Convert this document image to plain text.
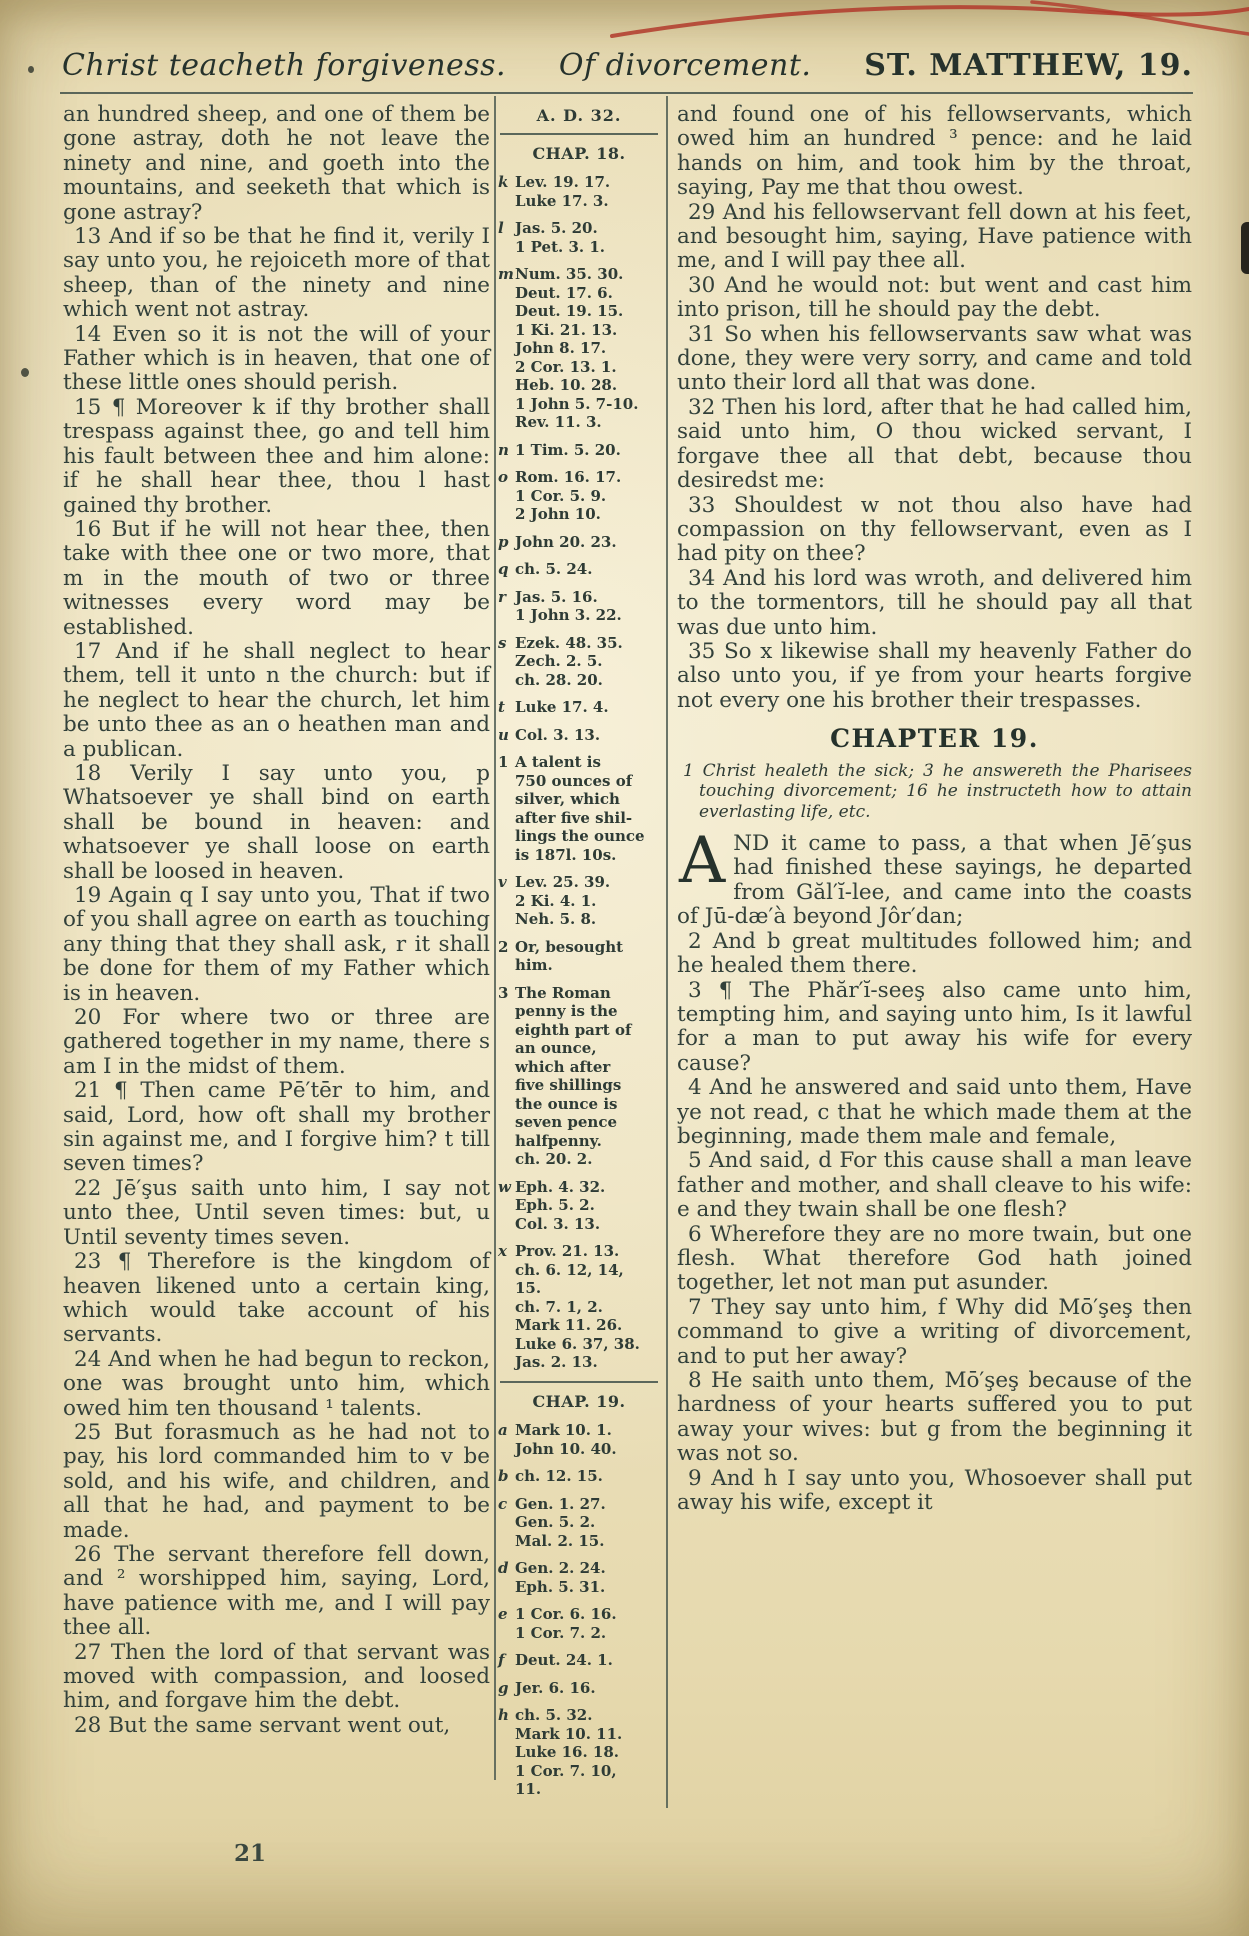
Christ teacheth forgiveness. Of divorcement. ST. MATTHEW, 19.

an hundred sheep, and one of them be gone astray, doth he not leave the ninety and nine, and goeth into the mountains, and seeketh that which is gone astray?

13 And if so be that he find it, verily I say unto you, he rejoiceth more of that sheep, than of the ninety and nine which went not astray.

14 Even so it is not the will of your Father which is in heaven, that one of these little ones should perish.

15 ¶ Moreover k if thy brother shall trespass against thee, go and tell him his fault between thee and him alone: if he shall hear thee, thou l hast gained thy brother.

16 But if he will not hear thee, then take with thee one or two more, that m in the mouth of two or three witnesses every word may be established.

17 And if he shall neglect to hear them, tell it unto n the church: but if he neglect to hear the church, let him be unto thee as an o heathen man and a publican.

18 Verily I say unto you, p Whatsoever ye shall bind on earth shall be bound in heaven: and whatsoever ye shall loose on earth shall be loosed in heaven.

19 Again q I say unto you, That if two of you shall agree on earth as touching any thing that they shall ask, r it shall be done for them of my Father which is in heaven.

20 For where two or three are gathered together in my name, there s am I in the midst of them.

21 ¶ Then came Pē′tēr to him, and said, Lord, how oft shall my brother sin against me, and I forgive him? t till seven times?

22 Jē′şus saith unto him, I say not unto thee, Until seven times: but, u Until seventy times seven.

23 ¶ Therefore is the kingdom of heaven likened unto a certain king, which would take account of his servants.

24 And when he had begun to reckon, one was brought unto him, which owed him ten thousand ¹ talents.

25 But forasmuch as he had not to pay, his lord commanded him to v be sold, and his wife, and children, and all that he had, and payment to be made.

26 The servant therefore fell down, and ² worshipped him, saying, Lord, have patience with me, and I will pay thee all.

27 Then the lord of that servant was moved with compassion, and loosed him, and forgave him the debt.

28 But the same servant went out,

A. D. 32.
CHAP. 18.
k Lev. 19. 17.
Luke 17. 3.
l Jas. 5. 20.
1 Pet. 3. 1.
m Num. 35. 30.
Deut. 17. 6.
Deut. 19. 15.
1 Ki. 21. 13.
John 8. 17.
2 Cor. 13. 1.
Heb. 10. 28.
1 John 5. 7-10.
Rev. 11. 3.
n 1 Tim. 5. 20.
o Rom. 16. 17.
1 Cor. 5. 9.
2 John 10.
p John 20. 23.
q ch. 5. 24.
r Jas. 5. 16.
1 John 3. 22.
s Ezek. 48. 35.
Zech. 2. 5.
ch. 28. 20.
t Luke 17. 4.
u Col. 3. 13.
1 A talent is
750 ounces of
silver, which
after five shil-
lings the ounce
is 187l. 10s.
v Lev. 25. 39.
2 Ki. 4. 1.
Neh. 5. 8.
2 Or, besought
him.
3 The Roman
penny is the
eighth part of
an ounce,
which after
five shillings
the ounce is
seven pence
halfpenny.
ch. 20. 2.
w Eph. 4. 32.
Eph. 5. 2.
Col. 3. 13.
x Prov. 21. 13.
ch. 6. 12, 14,
15.
ch. 7. 1, 2.
Mark 11. 26.
Luke 6. 37, 38.
Jas. 2. 13.
CHAP. 19.
a Mark 10. 1.
John 10. 40.
b ch. 12. 15.
c Gen. 1. 27.
Gen. 5. 2.
Mal. 2. 15.
d Gen. 2. 24.
Eph. 5. 31.
e 1 Cor. 6. 16.
1 Cor. 7. 2.
f Deut. 24. 1.
g Jer. 6. 16.
h ch. 5. 32.
Mark 10. 11.
Luke 16. 18.
1 Cor. 7. 10,
11.

and found one of his fellowservants, which owed him an hundred ³ pence: and he laid hands on him, and took him by the throat, saying, Pay me that thou owest.

29 And his fellowservant fell down at his feet, and besought him, saying, Have patience with me, and I will pay thee all.

30 And he would not: but went and cast him into prison, till he should pay the debt.

31 So when his fellowservants saw what was done, they were very sorry, and came and told unto their lord all that was done.

32 Then his lord, after that he had called him, said unto him, O thou wicked servant, I forgave thee all that debt, because thou desiredst me:

33 Shouldest w not thou also have had compassion on thy fellowservant, even as I had pity on thee?

34 And his lord was wroth, and delivered him to the tormentors, till he should pay all that was due unto him.

35 So x likewise shall my heavenly Father do also unto you, if ye from your hearts forgive not every one his brother their trespasses.

CHAPTER 19.

1 Christ healeth the sick; 3 he answereth the Pharisees touching divorcement; 16 he instructeth how to attain everlasting life, etc.

AND it came to pass, a that when Jē′şus had finished these sayings, he departed from Găl′ĭ-lee, and came into the coasts of Jū-dæ′à beyond Jôr′dan;

2 And b great multitudes followed him; and he healed them there.

3 ¶ The Phăr′ĭ-seeş also came unto him, tempting him, and saying unto him, Is it lawful for a man to put away his wife for every cause?

4 And he answered and said unto them, Have ye not read, c that he which made them at the beginning, made them male and female,

5 And said, d For this cause shall a man leave father and mother, and shall cleave to his wife: e and they twain shall be one flesh?

6 Wherefore they are no more twain, but one flesh. What therefore God hath joined together, let not man put asunder.

7 They say unto him, f Why did Mō′şeş then command to give a writing of divorcement, and to put her away?

8 He saith unto them, Mō′şeş because of the hardness of your hearts suffered you to put away your wives: but g from the beginning it was not so.

9 And h I say unto you, Whosoever shall put away his wife, except it

21
